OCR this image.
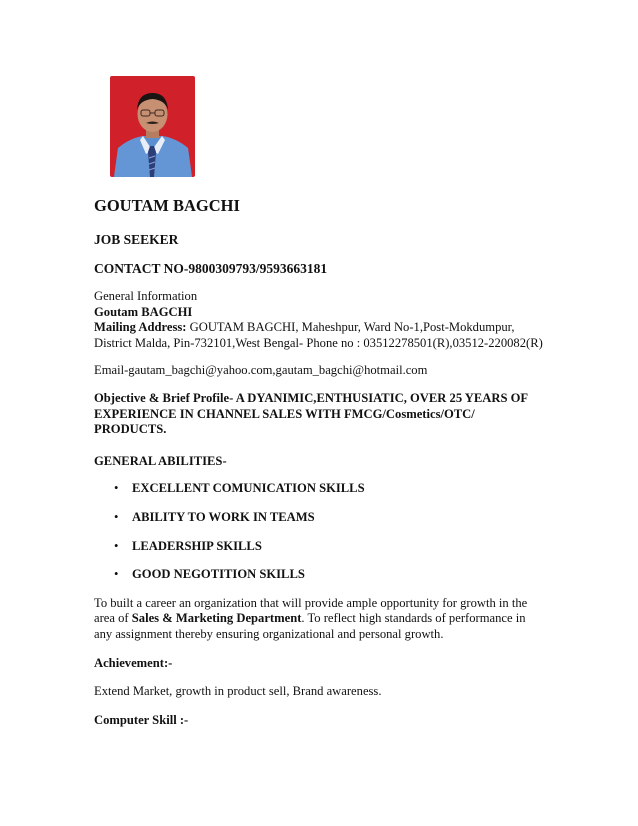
GOUTAM BAGCHI
JOB SEEKER
CONTACT NO-9800309793/9593663181
General Information
Goutam BAGCHI
Mailing Address: GOUTAM BAGCHI, Maheshpur, Ward No-1,Post-Mokdumpur, District Malda, Pin-732101,West Bengal- Phone no : 03512278501(R),03512-220082(R)
Email-gautam_bagchi@yahoo.com,gautam_bagchi@hotmail.com
Objective & Brief Profile- A DYANIMIC,ENTHUSIATIC, OVER 25 YEARS OF EXPERIENCE IN CHANNEL SALES WITH FMCG/Cosmetics/OTC/ PRODUCTS.
GENERAL ABILITIES-
• EXCELLENT COMUNICATION SKILLS
• ABILITY TO WORK IN TEAMS
• LEADERSHIP SKILLS
• GOOD NEGOTITION SKILLS
To built a career an organization that will provide ample opportunity for growth in the area of Sales & Marketing Department. To reflect high standards of performance in any assignment thereby ensuring organizational and personal growth.
Achievement:-
Extend Market, growth in product sell, Brand awareness.
Computer Skill :-
